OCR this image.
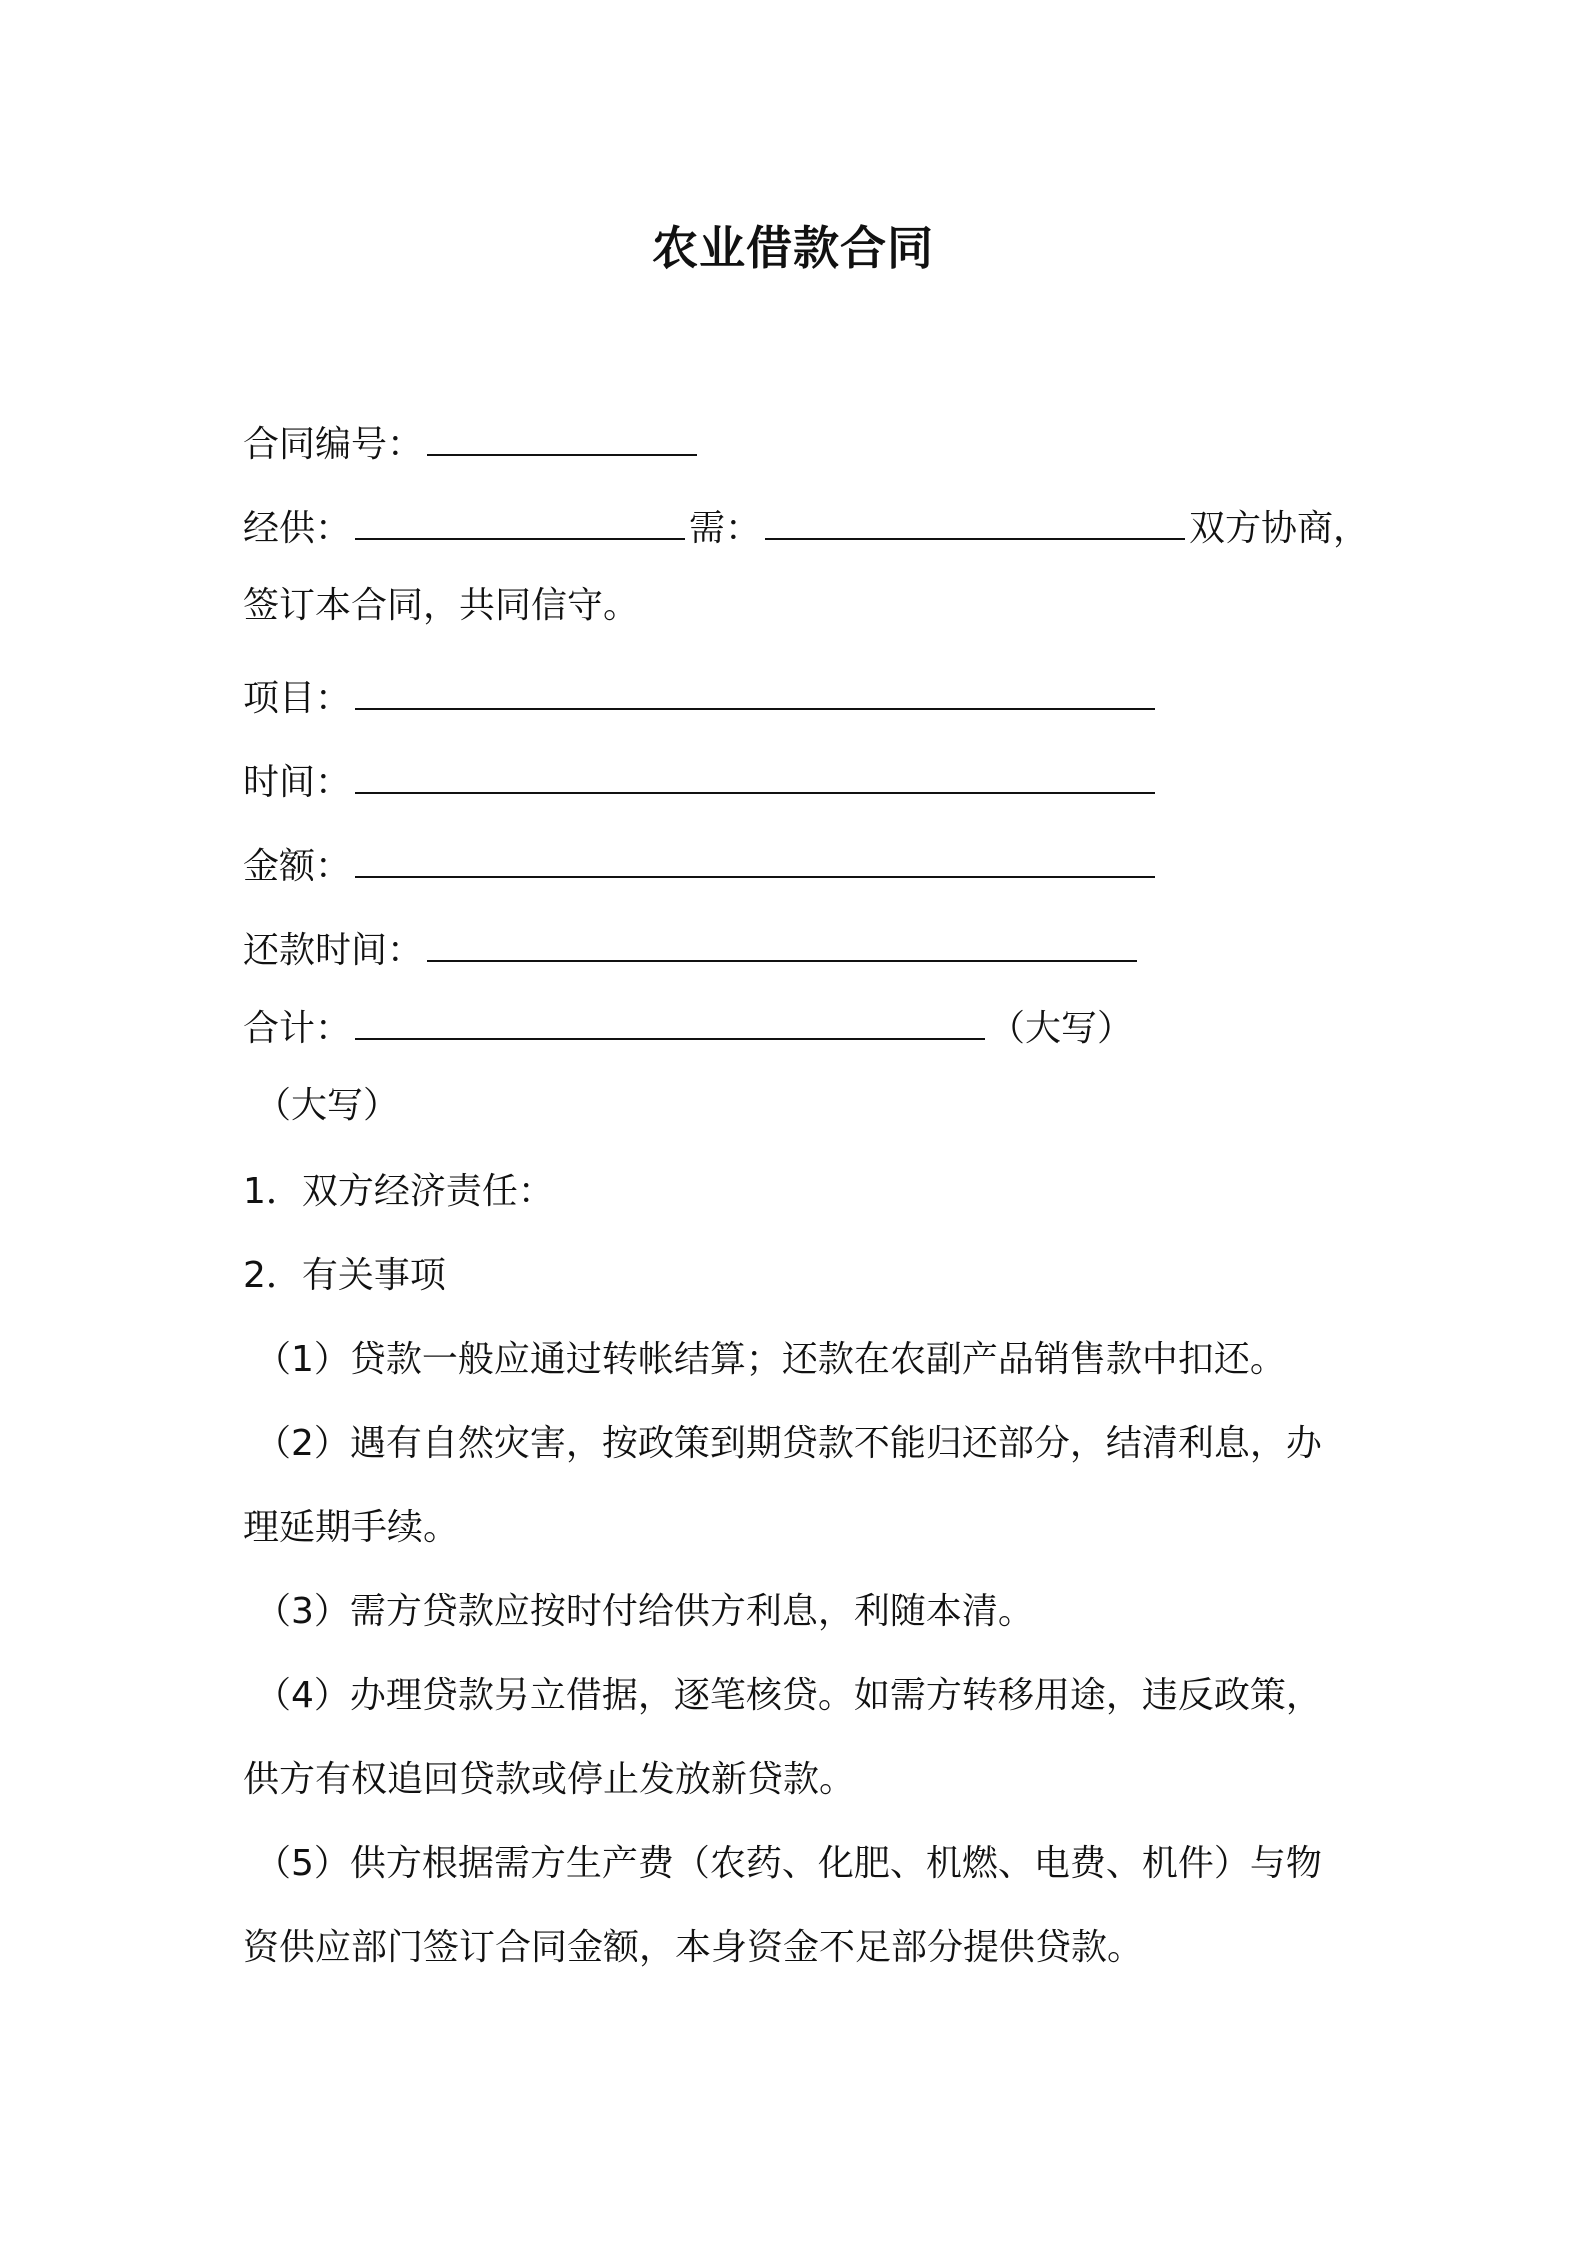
农业借款合同
合同编号：
经供：	需：	双方协商，
签订本合同，共同信守。
项目：
时间：
金额：
还款时间：
合计：	（大写）
（大写）
1．双方经济责任：
2．有关事项
（1）贷款一般应通过转帐结算；还款在农副产品销售款中扣还。
（2）遇有自然灾害，按政策到期贷款不能归还部分，结清利息，办
理延期手续。
（3）需方贷款应按时付给供方利息，利随本清。
（4）办理贷款另立借据，逐笔核贷。如需方转移用途，违反政策，
供方有权追回贷款或停止发放新贷款。
（5）供方根据需方生产费（农药、化肥、机燃、电费、机件）与物
资供应部门签订合同金额，本身资金不足部分提供贷款。
